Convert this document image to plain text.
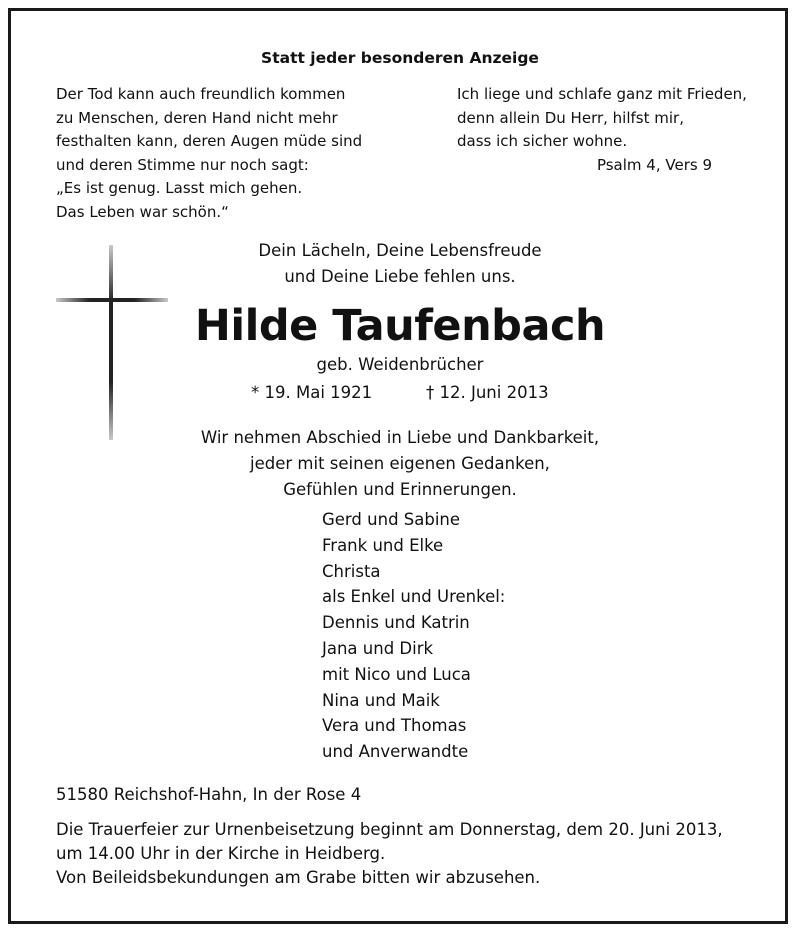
Statt jeder besonderen Anzeige
Der Tod kann auch freundlich kommen
zu Menschen, deren Hand nicht mehr
festhalten kann, deren Augen müde sind
und deren Stimme nur noch sagt:
„Es ist genug. Lasst mich gehen.
Das Leben war schön.“
Ich liege und schlafe ganz mit Frieden,
denn allein Du Herr, hilfst mir,
dass ich sicher wohne.
Psalm 4, Vers 9
Dein Lächeln, Deine Lebensfreude
und Deine Liebe fehlen uns.
Hilde Taufenbach
geb. Weidenbrücher
* 19. Mai 1921	† 12. Juni 2013
Wir nehmen Abschied in Liebe und Dankbarkeit,
jeder mit seinen eigenen Gedanken,
Gefühlen und Erinnerungen.
Gerd und Sabine
Frank und Elke
Christa
als Enkel und Urenkel:
Dennis und Katrin
Jana und Dirk
mit Nico und Luca
Nina und Maik
Vera und Thomas
und Anverwandte
51580 Reichshof-Hahn, In der Rose 4
Die Trauerfeier zur Urnenbeisetzung beginnt am Donnerstag, dem 20. Juni 2013,
um 14.00 Uhr in der Kirche in Heidberg.
Von Beileidsbekundungen am Grabe bitten wir abzusehen.
